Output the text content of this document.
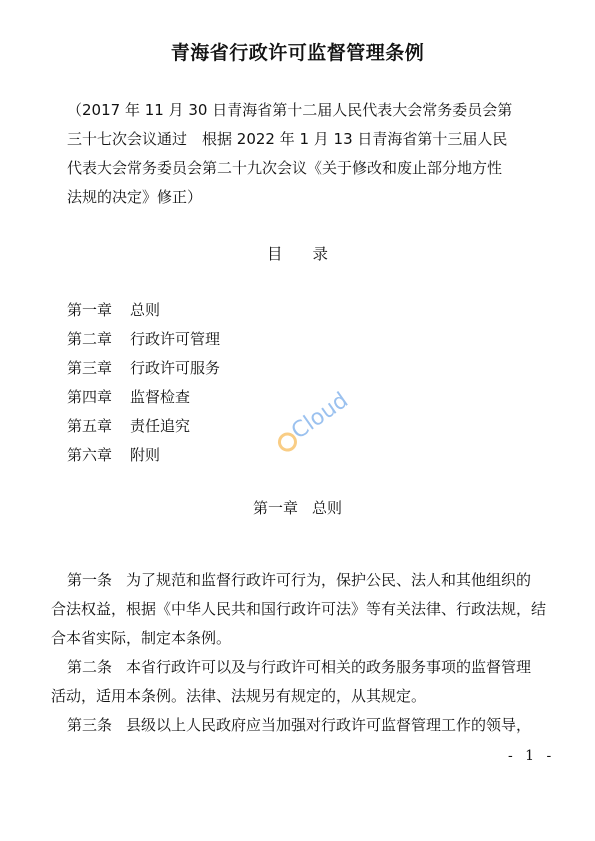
青海省行政许可监督管理条例
（2017 年 11 月 30 日青海省第十二届人民代表大会常务委员会第
三十七次会议通过　根据 2022 年 1 月 13 日青海省第十三届人民
代表大会常务委员会第二十九次会议《关于修改和废止部分地方性
法规的决定》修正）
目 录
第一章 总则
第二章 行政许可管理
第三章 行政许可服务
第四章 监督检查
第五章 责任追究
第六章 附则
Cloud
第一章 总则
第一条 为了规范和监督行政许可行为，保护公民、法人和其他组织的
合法权益，根据《中华人民共和国行政许可法》等有关法律、行政法规，结
合本省实际，制定本条例。
第二条 本省行政许可以及与行政许可相关的政务服务事项的监督管理
活动，适用本条例。法律、法规另有规定的，从其规定。
第三条 县级以上人民政府应当加强对行政许可监督管理工作的领导，
- 1 -
